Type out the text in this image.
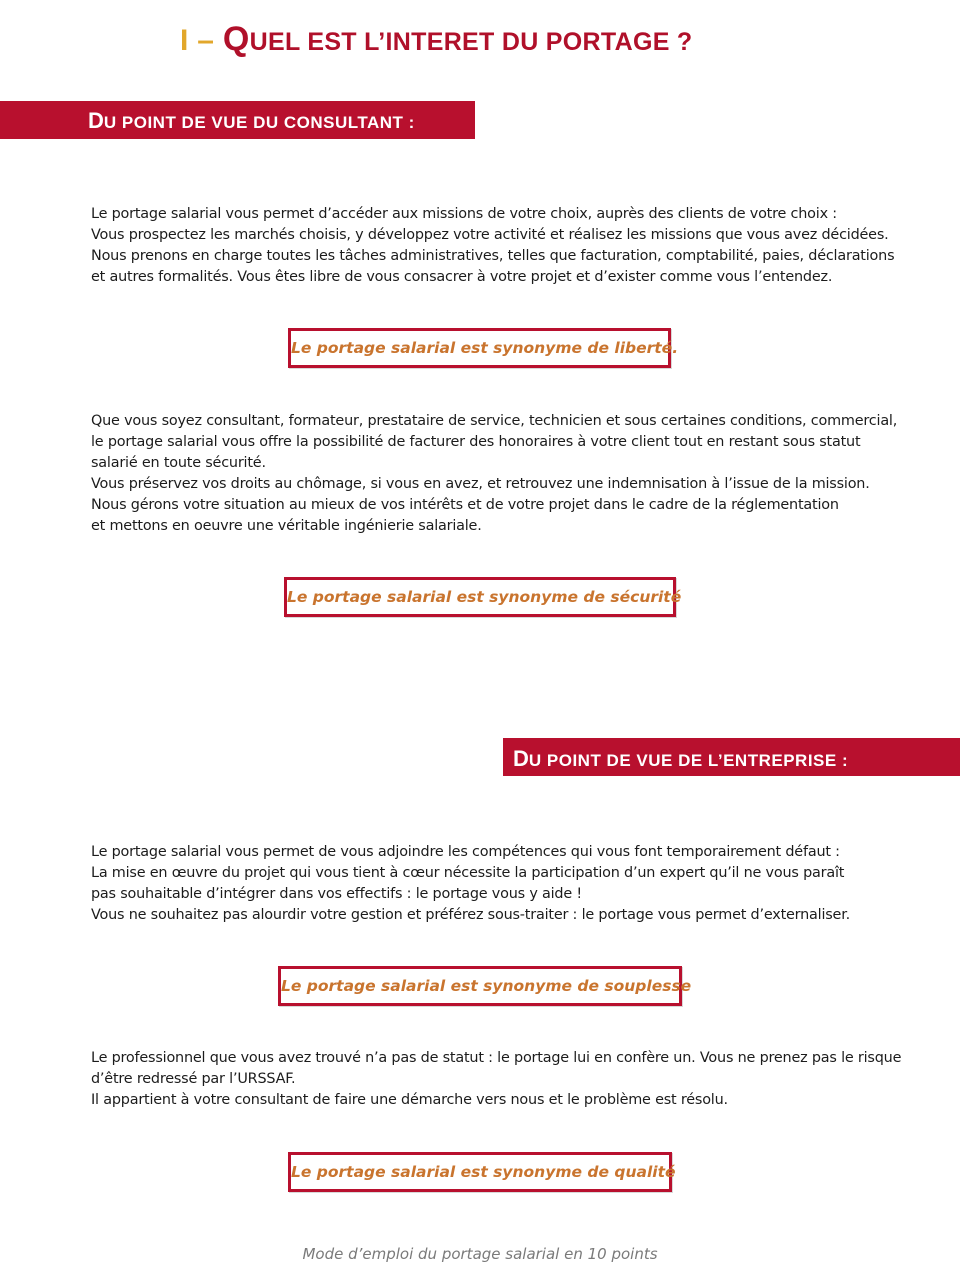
I – QUEL EST L’INTERET DU PORTAGE ?
DU POINT DE VUE DU CONSULTANT :
Le portage salarial vous permet d’accéder aux missions de votre choix, auprès des clients de votre choix :
Vous prospectez les marchés choisis, y développez votre activité et réalisez les missions que vous avez décidées.
Nous prenons en charge toutes les tâches administratives, telles que facturation, comptabilité, paies, déclarations
et autres formalités. Vous êtes libre de vous consacrer à votre projet et d’exister comme vous l’entendez.
Le portage salarial est synonyme de liberté.
Que vous soyez consultant, formateur, prestataire de service, technicien et sous certaines conditions, commercial,
le portage salarial vous offre la possibilité de facturer des honoraires à votre client tout en restant sous statut
salarié en toute sécurité.
Vous préservez vos droits au chômage, si vous en avez, et retrouvez une indemnisation à l’issue de la mission.
Nous gérons votre situation au mieux de vos intérêts et de votre projet dans le cadre de la réglementation
et mettons en oeuvre une véritable ingénierie salariale.
Le portage salarial est synonyme de sécurité
DU POINT DE VUE DE L’ENTREPRISE :
Le portage salarial vous permet de vous adjoindre les compétences qui vous font temporairement défaut :
La mise en œuvre du projet qui vous tient à cœur nécessite la participation d’un expert qu’il ne vous paraît
pas souhaitable d’intégrer dans vos effectifs : le portage vous y aide !
Vous ne souhaitez pas alourdir votre gestion et préférez sous-traiter : le portage vous permet d’externaliser.
Le portage salarial est synonyme de souplesse
Le professionnel que vous avez trouvé n’a pas de statut : le portage lui en confère un. Vous ne prenez pas le risque
d’être redressé par l’URSSAF.
Il appartient à votre consultant de faire une démarche vers nous et le problème est résolu.
Le portage salarial est synonyme de qualité
Mode d’emploi du portage salarial en 10 points
